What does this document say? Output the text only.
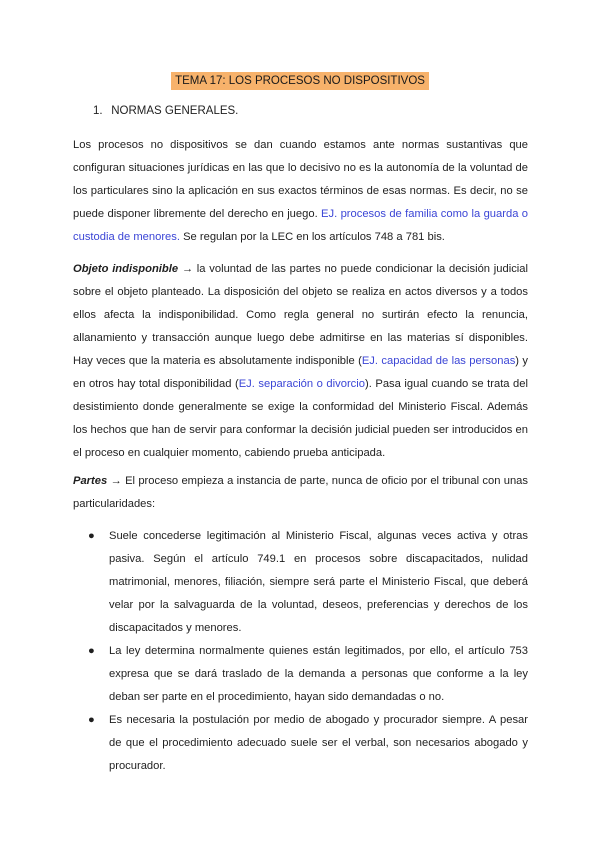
TEMA 17: LOS PROCESOS NO DISPOSITIVOS
1. NORMAS GENERALES.

Los procesos no dispositivos se dan cuando estamos ante normas sustantivas que configuran situaciones jurídicas en las que lo decisivo no es la autonomía de la voluntad de los particulares sino la aplicación en sus exactos términos de esas normas. Es decir, no se puede disponer libremente del derecho en juego. EJ. procesos de familia como la guarda o custodia de menores. Se regulan por la LEC en los artículos 748 a 781 bis.

Objeto indisponible → la voluntad de las partes no puede condicionar la decisión judicial sobre el objeto planteado. La disposición del objeto se realiza en actos diversos y a todos ellos afecta la indisponibilidad. Como regla general no surtirán efecto la renuncia, allanamiento y transacción aunque luego debe admitirse en las materias sí disponibles. Hay veces que la materia es absolutamente indisponible (EJ. capacidad de las personas) y en otros hay total disponibilidad (EJ. separación o divorcio). Pasa igual cuando se trata del desistimiento donde generalmente se exige la conformidad del Ministerio Fiscal. Además los hechos que han de servir para conformar la decisión judicial pueden ser introducidos en el proceso en cualquier momento, cabiendo prueba anticipada.

Partes → El proceso empieza a instancia de parte, nunca de oficio por el tribunal con unas particularidades:

● Suele concederse legitimación al Ministerio Fiscal, algunas veces activa y otras pasiva. Según el artículo 749.1 en procesos sobre discapacitados, nulidad matrimonial, menores, filiación, siempre será parte el Ministerio Fiscal, que deberá velar por la salvaguarda de la voluntad, deseos, preferencias y derechos de los discapacitados y menores.
● La ley determina normalmente quienes están legitimados, por ello, el artículo 753 expresa que se dará traslado de la demanda a personas que conforme a la ley deban ser parte en el procedimiento, hayan sido demandadas o no.
● Es necesaria la postulación por medio de abogado y procurador siempre. A pesar de que el procedimiento adecuado suele ser el verbal, son necesarios abogado y procurador.
